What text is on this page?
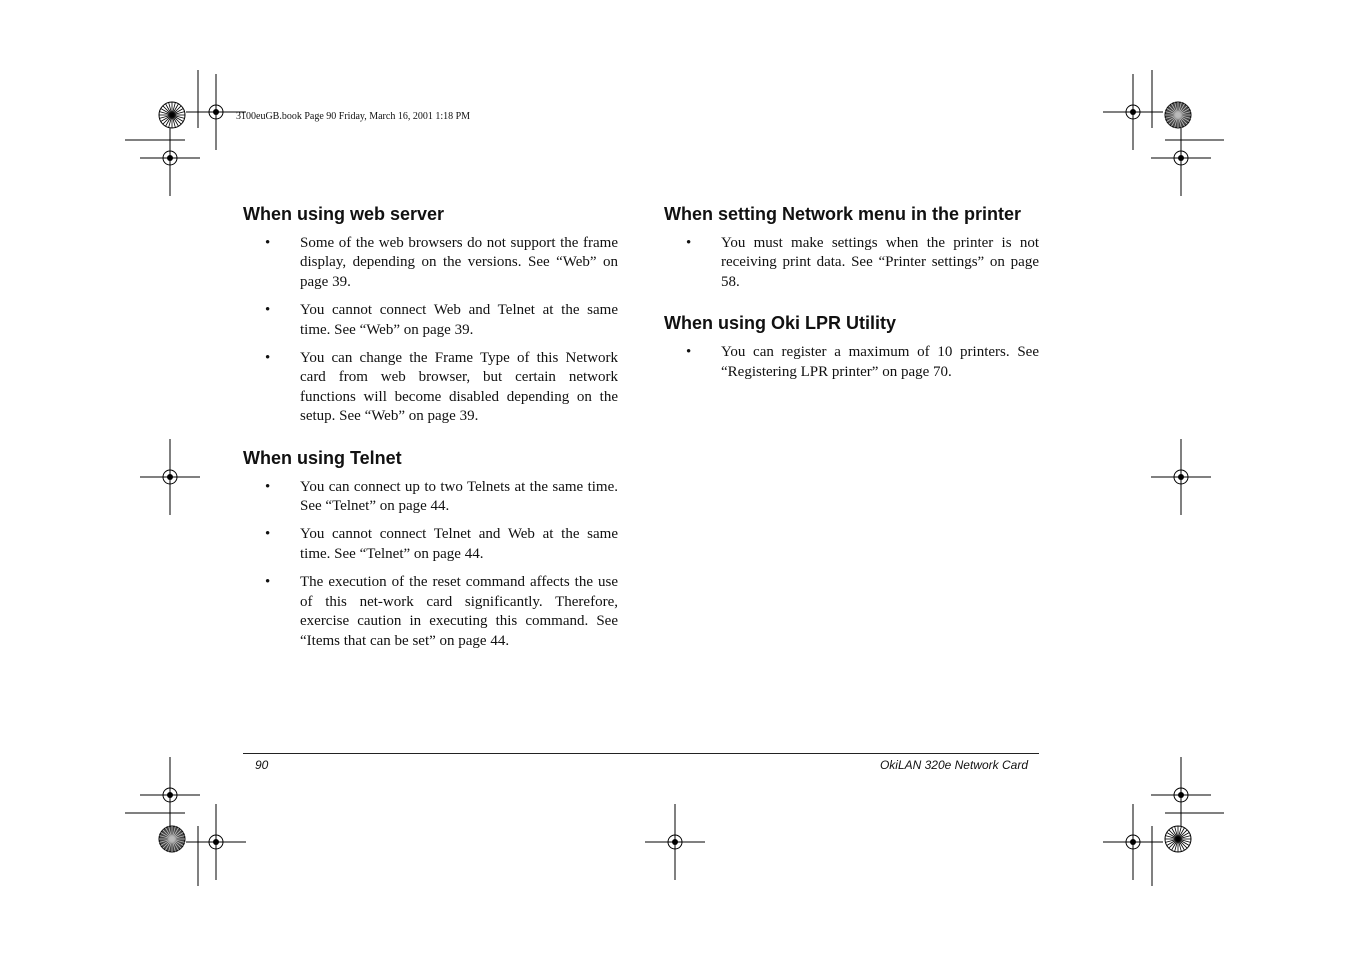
3100euGB.book Page 90 Friday, March 16, 2001 1:18 PM
When using web server
• Some of the web browsers do not support the frame display, depending on the versions. See “Web” on page 39.
• You cannot connect Web and Telnet at the same time. See “Web” on page 39.
• You can change the Frame Type of this Network card from web browser, but certain network functions will become disabled depending on the setup. See “Web” on page 39.
When using Telnet
• You can connect up to two Telnets at the same time. See “Telnet” on page 44.
• You cannot connect Telnet and Web at the same time. See “Telnet” on page 44.
• The execution of the reset command affects the use of this net-work card significantly. Therefore, exercise caution in executing this command. See “Items that can be set” on page 44.
When setting Network menu in the printer
• You must make settings when the printer is not receiving print data. See “Printer settings” on page 58.
When using Oki LPR Utility
• You can register a maximum of 10 printers. See “Registering LPR printer” on page 70.
90	OkiLAN 320e Network Card
